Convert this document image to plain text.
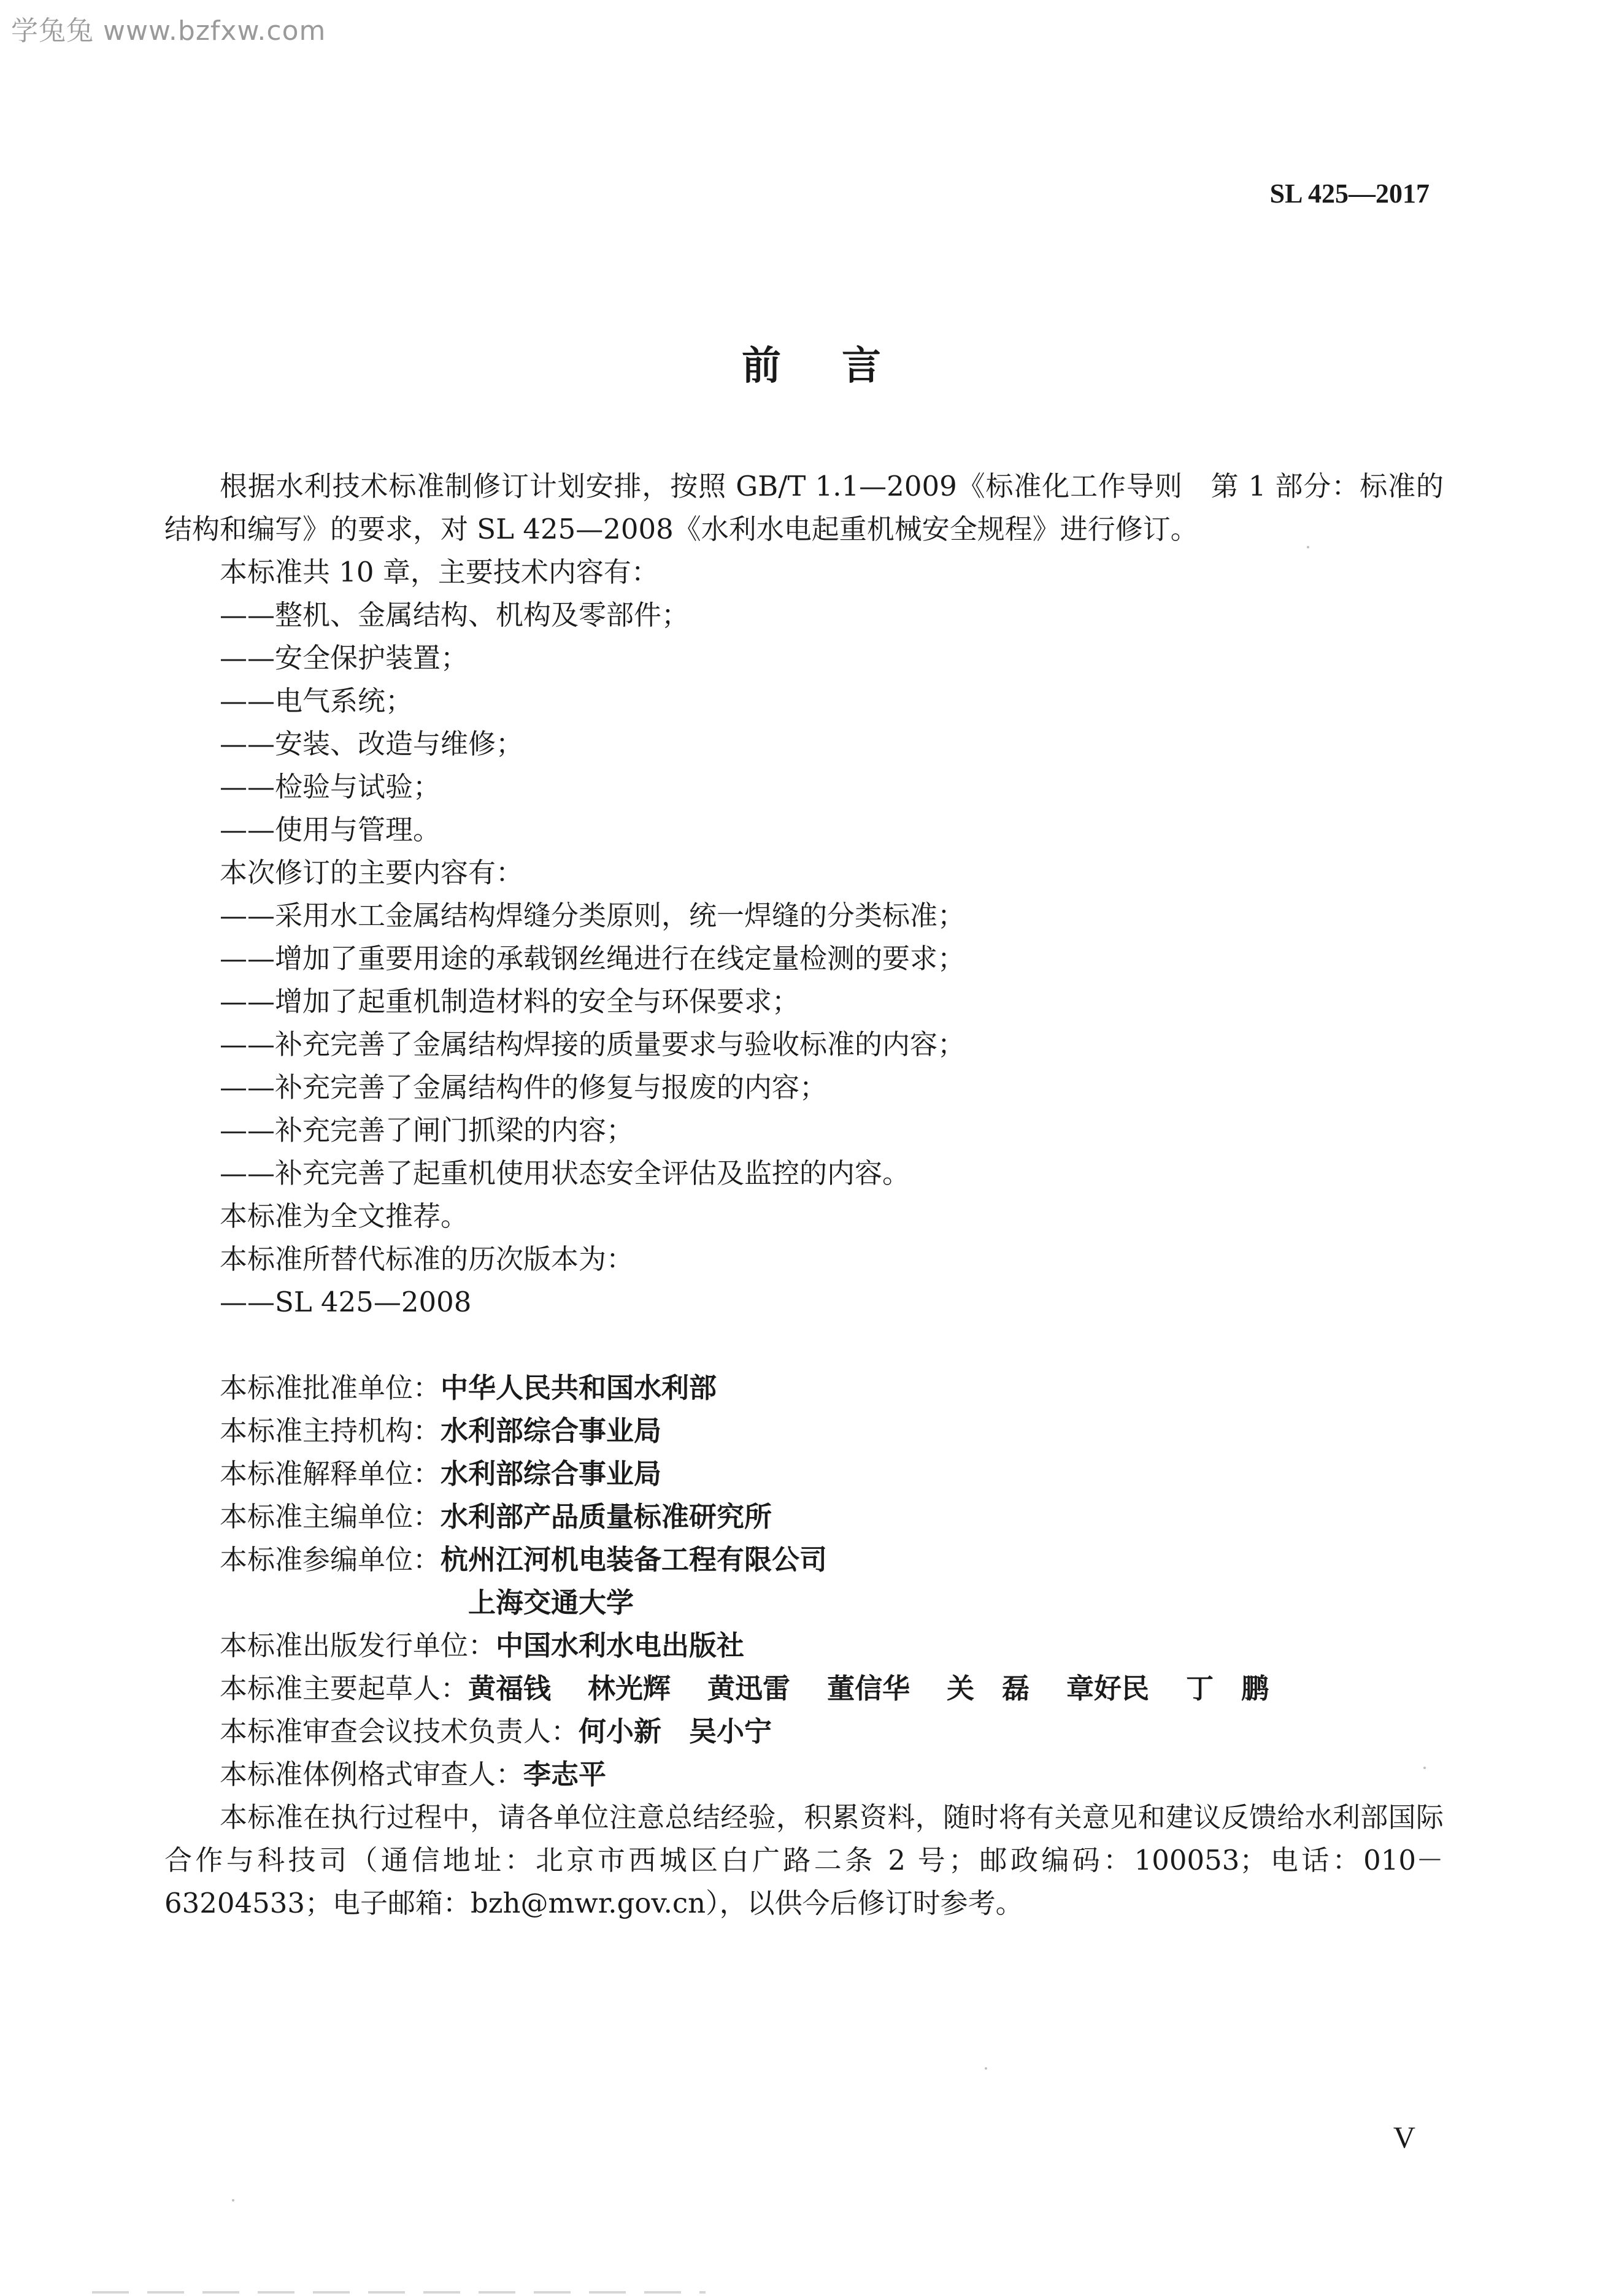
学兔兔 www.bzfxw.com
SL 425—2017
前    言

根据水利技术标准制修订计划安排，按照 GB/T 1.1—2009《标准化工作导则　第 1 部分：标准的结构和编写》的要求，对 SL 425—2008《水利水电起重机械安全规程》进行修订。

本标准共 10 章，主要技术内容有：

——整机、金属结构、机构及零部件；

——安全保护装置；

——电气系统；

——安装、改造与维修；

——检验与试验；

——使用与管理。

本次修订的主要内容有：

——采用水工金属结构焊缝分类原则，统一焊缝的分类标准；

——增加了重要用途的承载钢丝绳进行在线定量检测的要求；

——增加了起重机制造材料的安全与环保要求；

——补充完善了金属结构焊接的质量要求与验收标准的内容；

——补充完善了金属结构件的修复与报废的内容；

——补充完善了闸门抓梁的内容；

——补充完善了起重机使用状态安全评估及监控的内容。

本标准为全文推荐。

本标准所替代标准的历次版本为：

——SL 425—2008

本标准批准单位：中华人民共和国水利部

本标准主持机构：水利部综合事业局

本标准解释单位：水利部综合事业局

本标准主编单位：水利部产品质量标准研究所

本标准参编单位：杭州江河机电装备工程有限公司

上海交通大学

本标准出版发行单位：中国水利水电出版社

本标准主要起草人：黄福钱 林光辉 黄迅雷 董信华 关　磊 章好民 丁　鹏

本标准审查会议技术负责人：何小新　吴小宁

本标准体例格式审查人：李志平

本标准在执行过程中，请各单位注意总结经验，积累资料，随时将有关意见和建议反馈给水利部国际合作与科技司（通信地址：北京市西城区白广路二条 2 号；邮政编码：100053；电话：010－63204533；电子邮箱：bzh@mwr.gov.cn），以供今后修订时参考。

V
